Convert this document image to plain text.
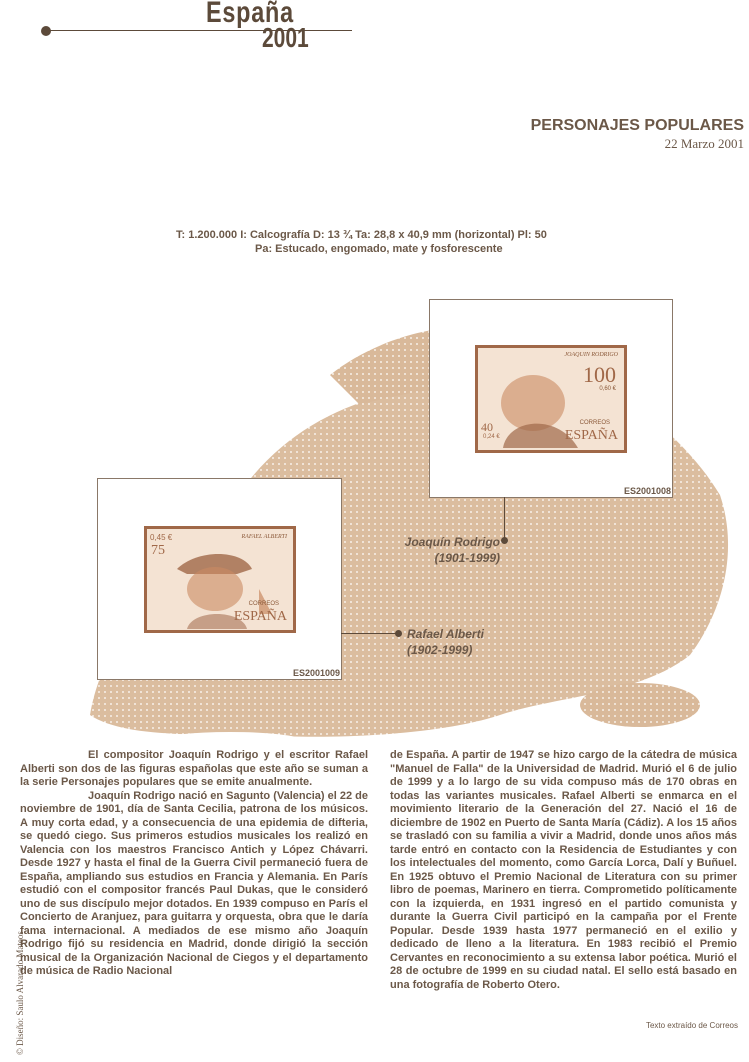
España
2001
PERSONAJES POPULARES
22 Marzo 2001
T: 1.200.000 I: Calcografía D: 13 ¾ Ta: 28,8 x 40,9 mm (horizontal) Pl: 50
Pa: Estucado, engomado, mate y fosforescente
JOAQUIN RODRIGO
100
0,60 €
40
0,24 €
CORREOS
ESPAÑA
ES2001008
0,45 €
75
RAFAEL ALBERTI
CORREOS
ESPAÑA
ES2001009
Joaquín Rodrigo
(1901-1999)
Rafael Alberti
(1902-1999)

El compositor Joaquín Rodrigo y el escritor Rafael Alberti son dos de las figuras españolas que este año se suman a la serie Personajes populares que se emite anualmente.

Joaquín Rodrigo nació en Sagunto (Valencia) el 22 de noviembre de 1901, día de Santa Cecilia, patrona de los músicos. A muy corta edad, y a consecuencia de una epidemia de difteria, se quedó ciego. Sus primeros estudios musicales los realizó en Valencia con los maestros Francisco Antich y López Chávarri. Desde 1927 y hasta el final de la Guerra Civil permaneció fuera de España, ampliando sus estudios en Francia y Alemania. En París estudió con el compositor francés Paul Dukas, que le consideró uno de sus discípulo mejor dotados. En 1939 compuso en París el Concierto de Aranjuez, para guitarra y orquesta, obra que le daría fama internacional. A mediados de ese mismo año Joaquín Rodrigo fijó su residencia en Madrid, donde dirigió la sección musical de la Organización Nacional de Ciegos y el departamento de música de Radio Nacional

de España. A partir de 1947 se hizo cargo de la cátedra de música "Manuel de Falla" de la Universidad de Madrid. Murió el 6 de julio de 1999 y a lo largo de su vida compuso más de 170 obras en todas las variantes musicales. Rafael Alberti se enmarca en el movimiento literario de la Generación del 27. Nació el 16 de diciembre de 1902 en Puerto de Santa María (Cádiz). A los 15 años se trasladó con su familia a vivir a Madrid, donde unos años más tarde entró en contacto con la Residencia de Estudiantes y con los intelectuales del momento, como García Lorca, Dalí y Buñuel. En 1925 obtuvo el Premio Nacional de Literatura con su primer libro de poemas, Marinero en tierra. Comprometido políticamente con la izquierda, en 1931 ingresó en el partido comunista y durante la Guerra Civil participó en la campaña por el Frente Popular. Desde 1939 hasta 1977 permaneció en el exilio y dedicado de lleno a la literatura. En 1983 recibió el Premio Cervantes en reconocimiento a su extensa labor poética. Murió el 28 de octubre de 1999 en su ciudad natal. El sello está basado en una fotografía de Roberto Otero.

Texto extraído de Correos
© Diseño: Saulo Alvarado Mateos
